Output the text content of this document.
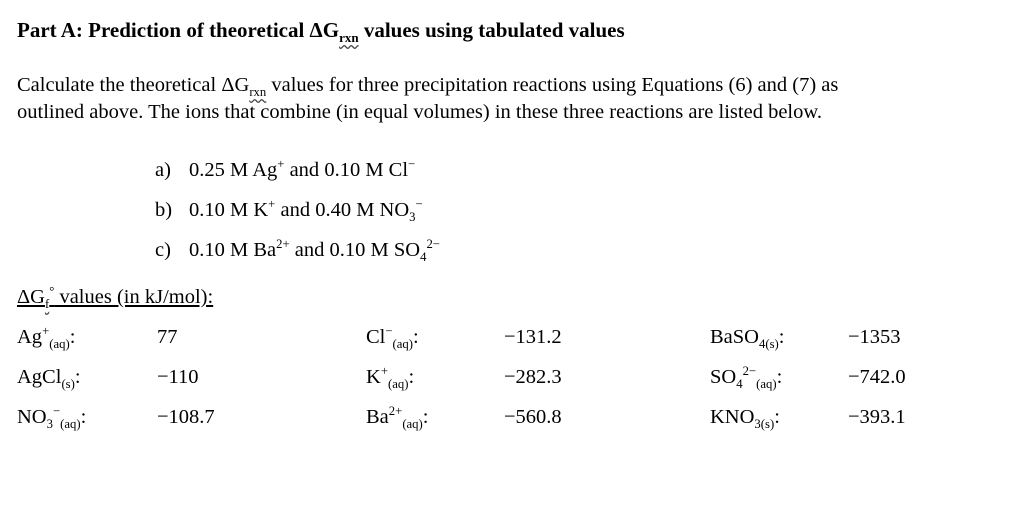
Part A: Prediction of theoretical $\Delta G_{rxn}$ values using tabulated values
Calculate the theoretical $\Delta G_{rxn}$ values for three precipitation reactions using Equations (6) and (7) as
outlined above. The ions that combine (in equal volumes) in these three reactions are listed below.
a) 0.25 M Ag+ and 0.10 M Cl−
b) 0.10 M K+ and 0.40 M $NO_3^-$
c) 0.10 M $Ba^{2+}$ and 0.10 M $SO_4^{2-}$
$\Delta G_f^\circ$ values (in kJ/mol):
$Ag^+_{(aq)}$:	77	$Cl^-_{(aq)}$:	−131.2	BaSO$_{4(s)}$:	−1353
AgCl$_{(s)}$:	−110	$K^+_{(aq)}$:	−282.3	$SO_4^{2-}_{(aq)}$:	−742.0
$NO_3^-_{(aq)}$:	−108.7	$Ba^{2+}_{(aq)}$:	−560.8	$KNO_{3(s)}$:	−393.1
